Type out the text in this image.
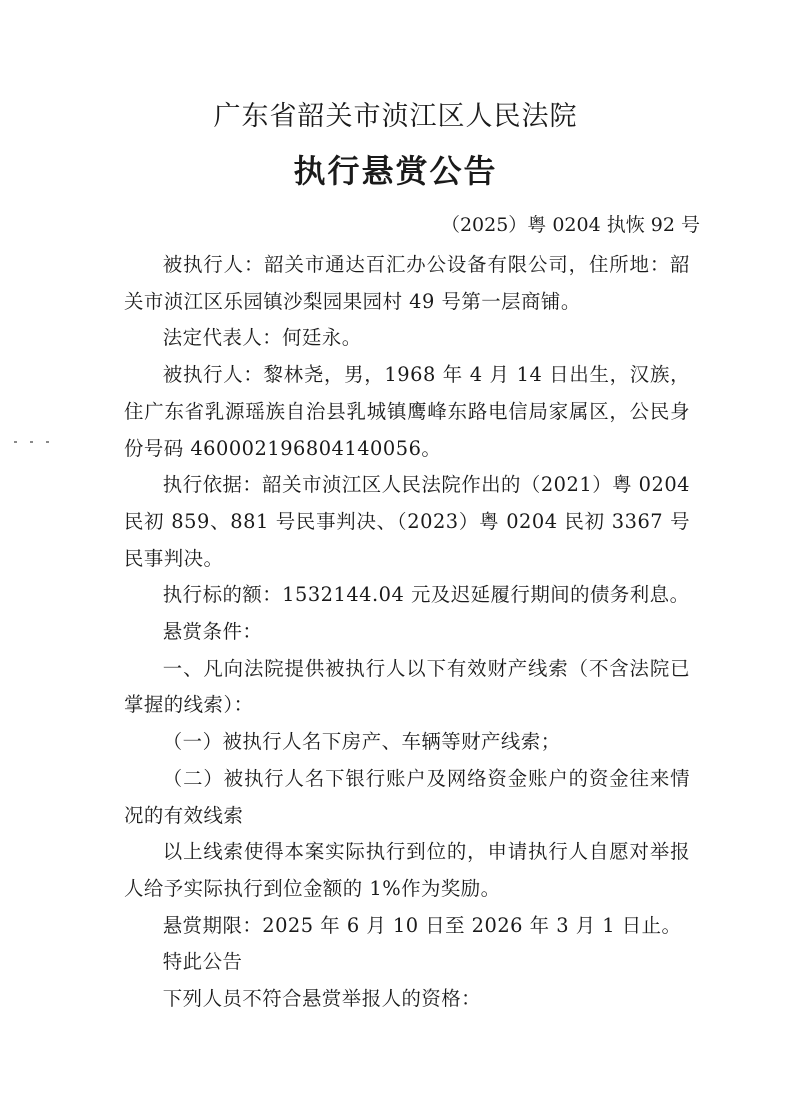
广东省韶关市浈江区人民法院
执行悬赏公告
（2025）粤 0204 执恢 92 号

被执行人：韶关市通达百汇办公设备有限公司，住所地：韶关市浈江区乐园镇沙梨园果园村 49 号第一层商铺。

法定代表人：何廷永。

被执行人：黎林尧，男，1968 年 4 月 14 日出生，汉族，住广东省乳源瑶族自治县乳城镇鹰峰东路电信局家属区，公民身份号码 460002196804140056。

执行依据：韶关市浈江区人民法院作出的（2021）粤 0204 民初 859、881 号民事判决、（2023）粤 0204 民初 3367 号民事判决。

执行标的额：1532144.04 元及迟延履行期间的债务利息。

悬赏条件：

一、凡向法院提供被执行人以下有效财产线索（不含法院已掌握的线索）：

（一）被执行人名下房产、车辆等财产线索；

（二）被执行人名下银行账户及网络资金账户的资金往来情况的有效线索

以上线索使得本案实际执行到位的，申请执行人自愿对举报人给予实际执行到位金额的 1%作为奖励。

悬赏期限：2025 年 6 月 10 日至 2026 年 3 月 1 日止。

特此公告

下列人员不符合悬赏举报人的资格：
